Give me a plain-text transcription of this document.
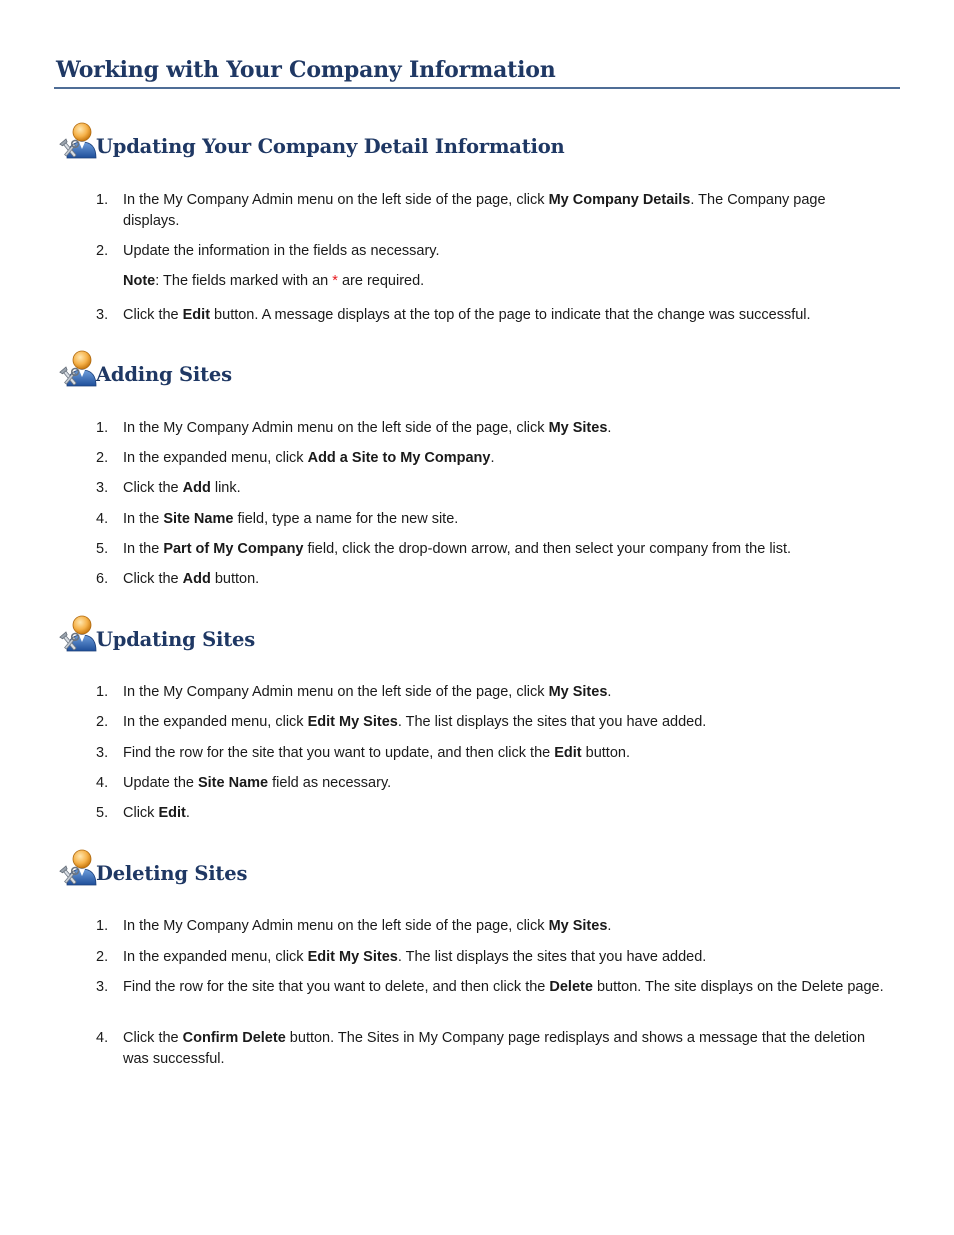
Working with Your Company Information
Updating Your Company Detail Information
1. In the My Company Admin menu on the left side of the page, click My Company Details. The Company page displays.
2. Update the information in the fields as necessary.
Note: The fields marked with an * are required.
3. Click the Edit button. A message displays at the top of the page to indicate that the change was successful.
Adding Sites
1. In the My Company Admin menu on the left side of the page, click My Sites.
2. In the expanded menu, click Add a Site to My Company.
3. Click the Add link.
4. In the Site Name field, type a name for the new site.
5. In the Part of My Company field, click the drop-down arrow, and then select your company from the list.
6. Click the Add button.
Updating Sites
1. In the My Company Admin menu on the left side of the page, click My Sites.
2. In the expanded menu, click Edit My Sites. The list displays the sites that you have added.
3. Find the row for the site that you want to update, and then click the Edit button.
4. Update the Site Name field as necessary.
5. Click Edit.
Deleting Sites
1. In the My Company Admin menu on the left side of the page, click My Sites.
2. In the expanded menu, click Edit My Sites. The list displays the sites that you have added.
3. Find the row for the site that you want to delete, and then click the Delete button. The site displays on the Delete page.
4. Click the Confirm Delete button. The Sites in My Company page redisplays and shows a message that the deletion was successful.
